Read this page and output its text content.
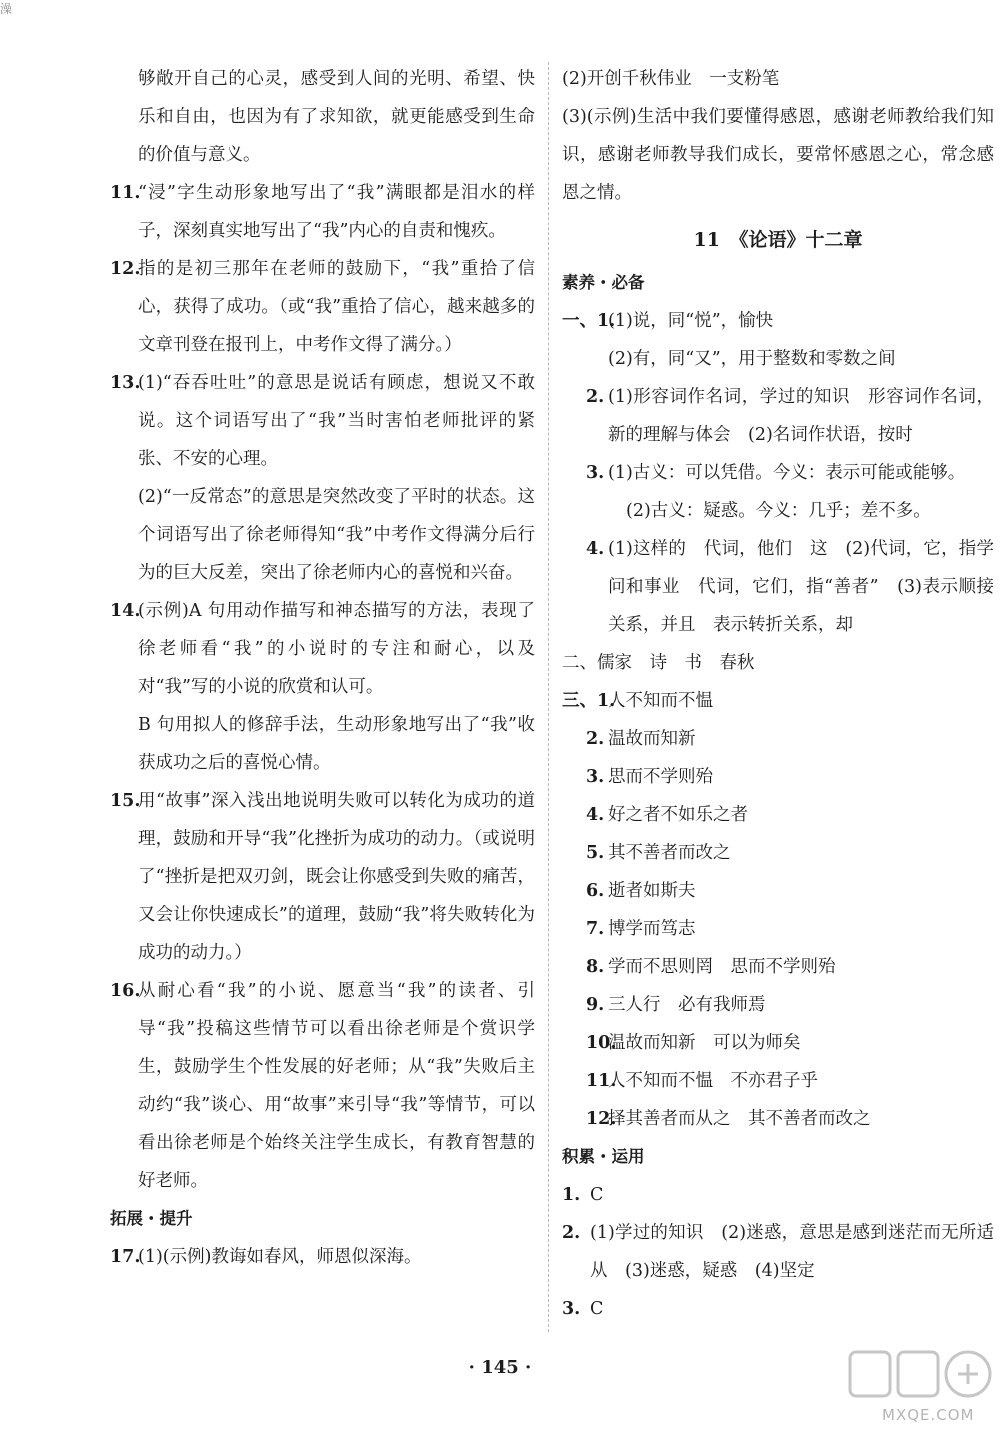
澡
够敞开自己的心灵，感受到人间的光明、希望、快乐和自由，也因为有了求知欲，就更能感受到生命的价值与意义。
11.
“浸”字生动形象地写出了“我”满眼都是泪水的样子，深刻真实地写出了“我”内心的自责和愧疚。
12.
指的是初三那年在老师的鼓励下，“我”重拾了信心，获得了成功。（或“我”重拾了信心，越来越多的文章刊登在报刊上，中考作文得了满分。）
13.
(1)“吞吞吐吐”的意思是说话有顾虑，想说又不敢说。这个词语写出了“我”当时害怕老师批评的紧张、不安的心理。
(2)“一反常态”的意思是突然改变了平时的状态。这个词语写出了徐老师得知“我”中考作文得满分后行为的巨大反差，突出了徐老师内心的喜悦和兴奋。
14.
(示例)A 句用动作描写和神态描写的方法，表现了徐老师看“我”的小说时的专注和耐心，以及对“我”写的小说的欣赏和认可。
B 句用拟人的修辞手法，生动形象地写出了“我”收获成功之后的喜悦心情。
15.
用“故事”深入浅出地说明失败可以转化为成功的道理，鼓励和开导“我”化挫折为成功的动力。（或说明了“挫折是把双刃剑，既会让你感受到失败的痛苦，又会让你快速成长”的道理，鼓励“我”将失败转化为成功的动力。）
16.
从耐心看“我”的小说、愿意当“我”的读者、引导“我”投稿这些情节可以看出徐老师是个赏识学生，鼓励学生个性发展的好老师；从“我”失败后主动约“我”谈心、用“故事”来引导“我”等情节，可以看出徐老师是个始终关注学生成长，有教育智慧的好老师。
拓展・提升
17.
(1)(示例)教诲如春风，师恩似深海。
(2)开创千秋伟业　一支粉笔
(3)(示例)生活中我们要懂得感恩，感谢老师教给我们知识，感谢老师教导我们成长，要常怀感恩之心，常念感恩之情。
11　《论语》十二章
素养・必备
一、1.
(1)说，同“悦”，愉快
(2)有，同“又”，用于整数和零数之间
2. (1)形容词作名词，学过的知识　形容词作名词，新的理解与体会　(2)名词作状语，按时
3. (1)古义：可以凭借。今义：表示可能或能够。
(2)古义：疑惑。今义：几乎；差不多。
4. (1)这样的　代词，他们　这　(2)代词，它，指学问和事业　代词，它们，指“善者”　(3)表示顺接关系，并且　表示转折关系，却
二、儒家　诗　书　春秋
三、1.
人不知而不愠
2. 温故而知新
3. 思而不学则殆
4. 好之者不如乐之者
5. 其不善者而改之
6. 逝者如斯夫
7. 博学而笃志
8. 学而不思则罔　思而不学则殆
9. 三人行　必有我师焉
10.
温故而知新　可以为师矣
11.
人不知而不愠　不亦君子乎
12.
择其善者而从之　其不善者而改之
积累・运用
1. C
2. (1)学过的知识　(2)迷惑，意思是感到迷茫而无所适从　(3)迷惑，疑惑　(4)坚定
3. C
· 145 ·
MXQE.COM
